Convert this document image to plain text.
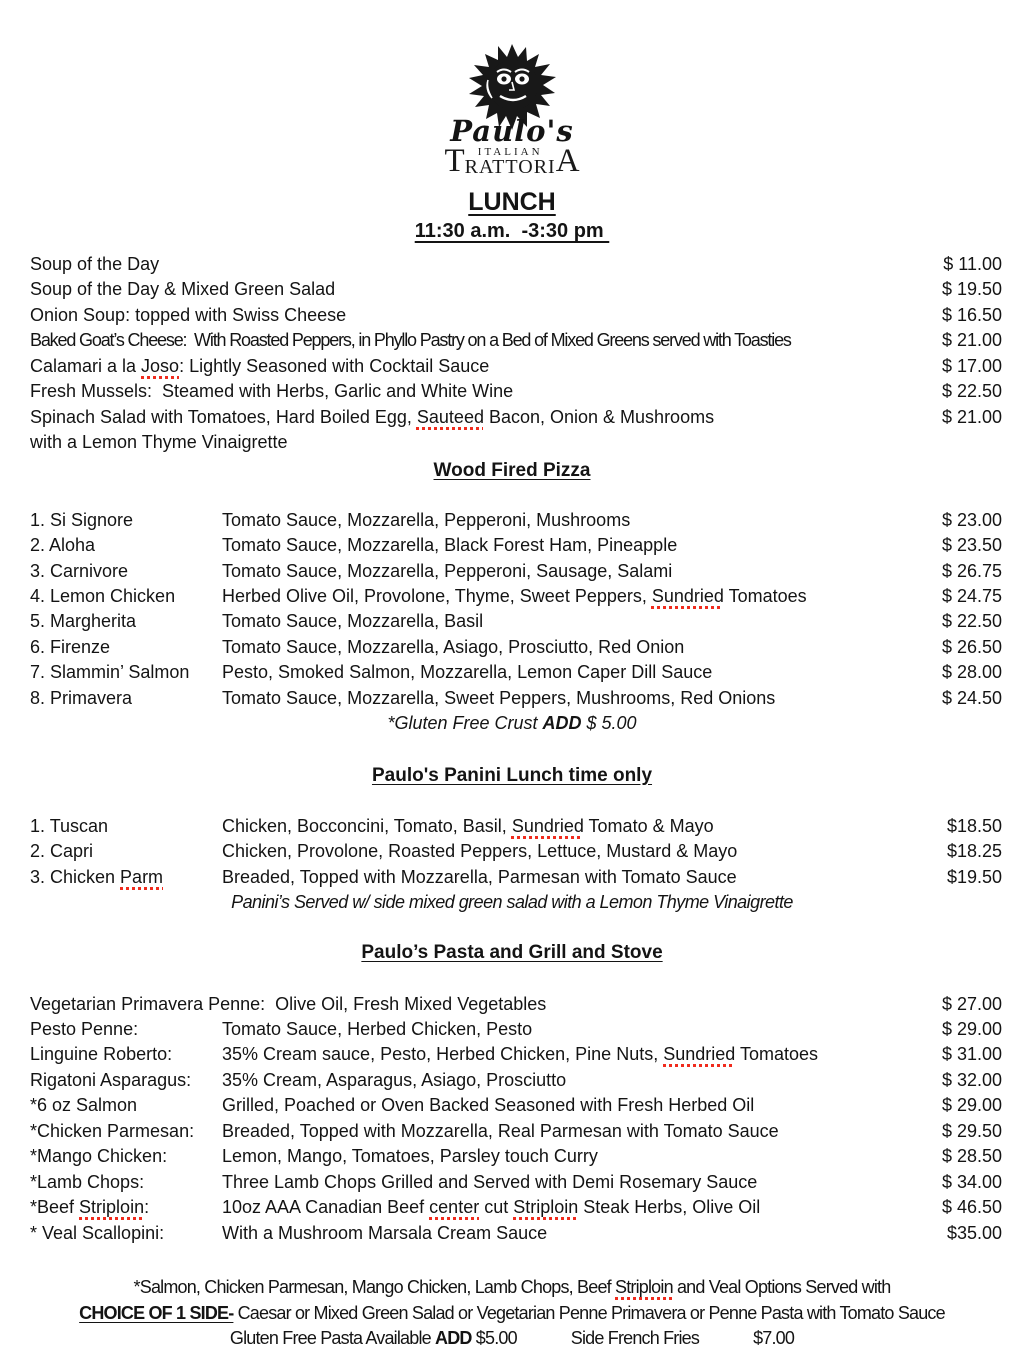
Paulo's
T ITALIAN
RATTORI A
LUNCH
11:30 a.m.  -3:30 pm
Soup of the Day	$ 11.00
Soup of the Day & Mixed Green Salad	$ 19.50
Onion Soup: topped with Swiss Cheese	$ 16.50
Baked Goat’s Cheese:  With Roasted Peppers, in Phyllo Pastry on a Bed of Mixed Greens served with Toasties	$ 21.00
Calamari a la Joso: Lightly Seasoned with Cocktail Sauce	$ 17.00
Fresh Mussels:  Steamed with Herbs, Garlic and White Wine	$ 22.50
Spinach Salad with Tomatoes, Hard Boiled Egg, Sauteed Bacon, Onion & Mushrooms	$ 21.00
with a Lemon Thyme Vinaigrette
Wood Fired Pizza
1. Si Signore	Tomato Sauce, Mozzarella, Pepperoni, Mushrooms	$ 23.00
2. Aloha	Tomato Sauce, Mozzarella, Black Forest Ham, Pineapple	$ 23.50
3. Carnivore	Tomato Sauce, Mozzarella, Pepperoni, Sausage, Salami	$ 26.75
4. Lemon Chicken	Herbed Olive Oil, Provolone, Thyme, Sweet Peppers, Sundried Tomatoes	$ 24.75
5. Margherita	Tomato Sauce, Mozzarella, Basil	$ 22.50
6. Firenze	Tomato Sauce, Mozzarella, Asiago, Prosciutto, Red Onion	$ 26.50
7. Slammin’ Salmon	Pesto, Smoked Salmon, Mozzarella, Lemon Caper Dill Sauce	$ 28.00
8. Primavera	Tomato Sauce, Mozzarella, Sweet Peppers, Mushrooms, Red Onions	$ 24.50
*Gluten Free Crust ADD $ 5.00
Paulo's Panini Lunch time only
1. Tuscan	Chicken, Bocconcini, Tomato, Basil, Sundried Tomato & Mayo	$18.50
2. Capri	Chicken, Provolone, Roasted Peppers, Lettuce, Mustard & Mayo	$18.25
3. Chicken Parm	Breaded, Topped with Mozzarella, Parmesan with Tomato Sauce	$19.50
Panini’s Served w/ side mixed green salad with a Lemon Thyme Vinaigrette
Paulo’s Pasta and Grill and Stove
Vegetarian Primavera Penne: Olive Oil, Fresh Mixed Vegetables	$ 27.00
Pesto Penne:	Tomato Sauce, Herbed Chicken, Pesto	$ 29.00
Linguine Roberto:	35% Cream sauce, Pesto, Herbed Chicken, Pine Nuts, Sundried Tomatoes	$ 31.00
Rigatoni Asparagus:	35% Cream, Asparagus, Asiago, Prosciutto	$ 32.00
*6 oz Salmon	Grilled, Poached or Oven Backed Seasoned with Fresh Herbed Oil	$ 29.00
*Chicken Parmesan:	Breaded, Topped with Mozzarella, Real Parmesan with Tomato Sauce	$ 29.50
*Mango Chicken:	Lemon, Mango, Tomatoes, Parsley touch Curry	$ 28.50
*Lamb Chops:	Three Lamb Chops Grilled and Served with Demi Rosemary Sauce	$ 34.00
*Beef Striploin:	10oz AAA Canadian Beef center cut Striploin Steak Herbs, Olive Oil	$ 46.50
* Veal Scallopini:	With a Mushroom Marsala Cream Sauce	$35.00
*Salmon, Chicken Parmesan, Mango Chicken, Lamb Chops, Beef Striploin and Veal Options Served with
CHOICE OF 1 SIDE- Caesar or Mixed Green Salad or Vegetarian Penne Primavera or Penne Pasta with Tomato Sauce
Gluten Free Pasta Available ADD $5.00	Side French Fries	$7.00
